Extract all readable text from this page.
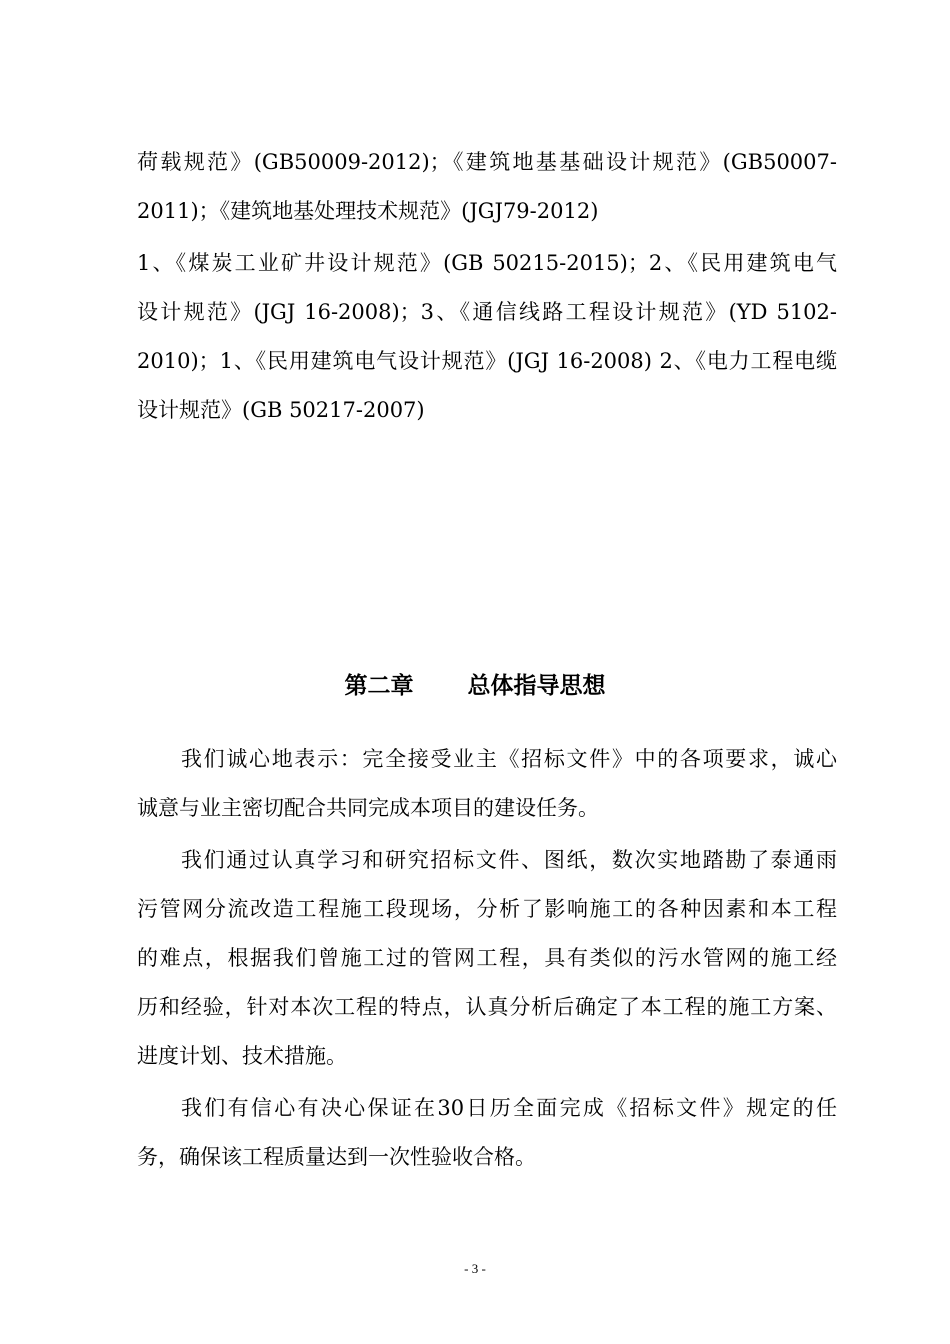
荷载规范》(GB50009-2012)；《建筑地基基础设计规范》(GB50007-
2011)；《建筑地基处理技术规范》(JGJ79-2012)
1、《煤炭工业矿井设计规范》(GB 50215-2015)；2、《民用建筑电气
设计规范》(JGJ 16-2008)；3、《通信线路工程设计规范》(YD 5102-
2010)；1、《民用建筑电气设计规范》(JGJ 16-2008) 2、《电力工程电缆
设计规范》(GB 50217-2007)
第二章 总体指导思想
我们诚心地表示：完全接受业主《招标文件》中的各项要求，诚心
诚意与业主密切配合共同完成本项目的建设任务。
我们通过认真学习和研究招标文件、图纸，数次实地踏勘了泰通雨
污管网分流改造工程施工段现场，分析了影响施工的各种因素和本工程
的难点，根据我们曾施工过的管网工程，具有类似的污水管网的施工经
历和经验，针对本次工程的特点，认真分析后确定了本工程的施工方案、
进度计划、技术措施。
我们有信心有决心保证在30日历全面完成《招标文件》规定的任
务，确保该工程质量达到一次性验收合格。
- 3 -
